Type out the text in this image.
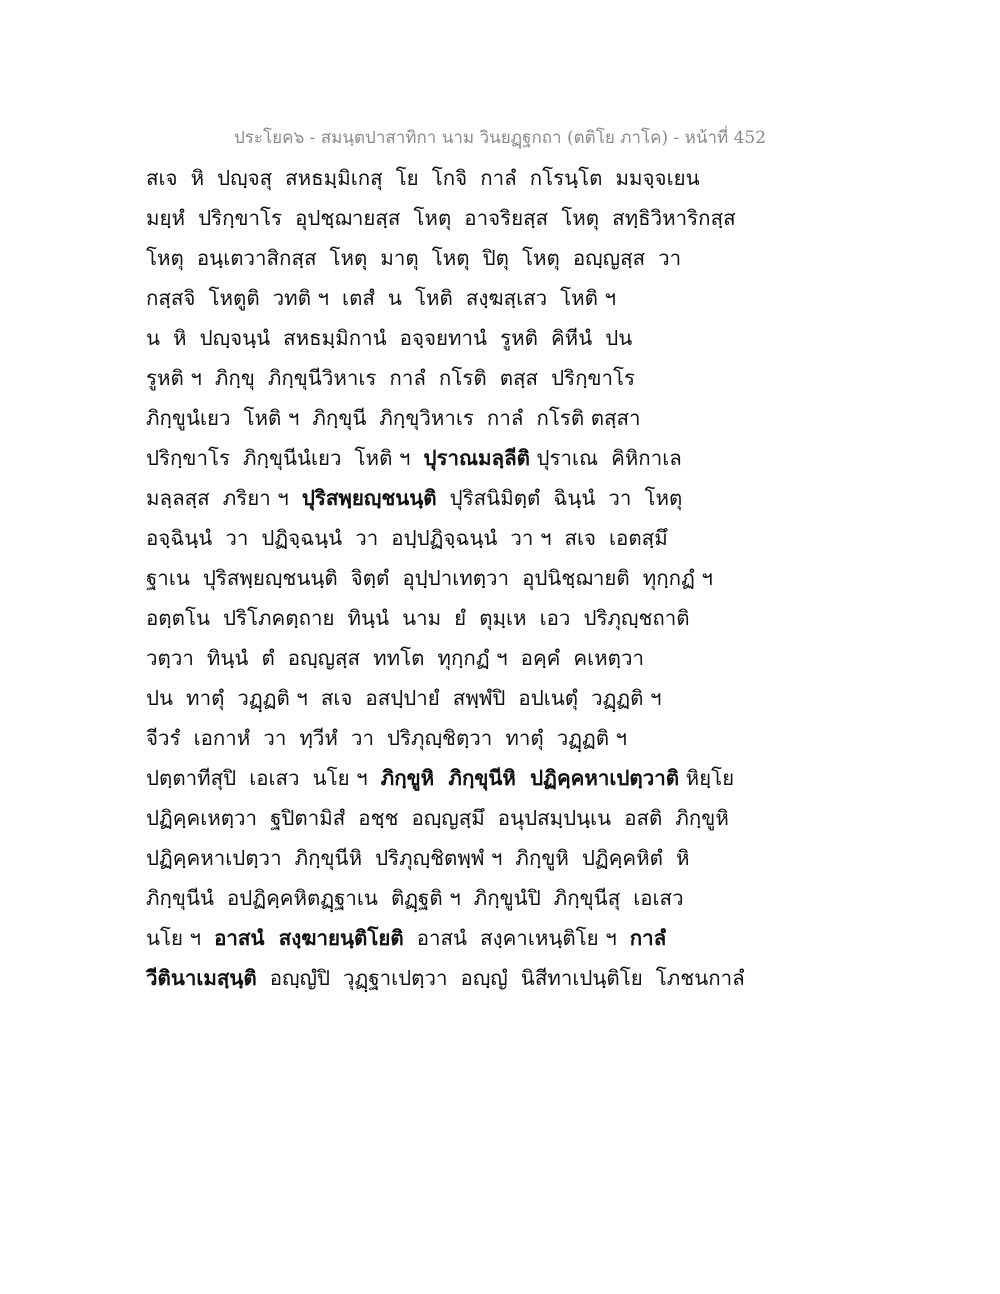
ประโยค๖ - สมนฺตปาสาทิกา นาม วินยฏฺฐกถา (ตติโย ภาโค) - หน้าที่ 452
สเจ  หิ  ปญฺจสุ  สหธมฺมิเกสุ  โย  โกจิ  กาลํ  กโรนฺโต  มมจฺจเยน
มยฺหํ  ปริกฺขาโร  อุปชฺฌายสฺส  โหตุ  อาจริยสฺส  โหตุ  สทฺธิวิหาริกสฺส
โหตุ  อนฺเตวาสิกสฺส  โหตุ  มาตุ  โหตุ  ปิตุ  โหตุ  อญฺญสฺส  วา
กสฺสจิ  โหตูติ  วทติ ฯ  เตสํ  น  โหติ  สงฺฆสฺเสว  โหติ ฯ
น  หิ  ปญฺจนฺนํ  สหธมฺมิกานํ  อจฺจยทานํ  รูหติ  คิหีนํ  ปน
รูหติ ฯ  ภิกฺขุ  ภิกฺขุนีวิหาเร  กาลํ  กโรติ  ตสฺส  ปริกฺขาโร
ภิกฺขูนํเยว  โหติ ฯ  ภิกฺขุนี  ภิกฺขุวิหาเร  กาลํ  กโรติ ตสฺสา
ปริกฺขาโร  ภิกฺขุนีนํเยว  โหติ ฯ  ปุราณมลฺลีติ ปุราเณ  คิหิกาเล
มลฺลสฺส  ภริยา ฯ  ปุริสพฺยญฺชนนฺติ  ปุริสนิมิตฺตํ  ฉินฺนํ  วา  โหตุ
อจฺฉินฺนํ  วา  ปฏิจฺฉนฺนํ  วา  อปฺปฏิจฺฉนฺนํ  วา ฯ  สเจ  เอตสฺมึ
ฐาเน  ปุริสพฺยญฺชนนฺติ  จิตฺตํ  อุปฺปาเทตฺวา  อุปนิชฺฌายติ  ทุกฺกฏํ ฯ
อตฺตโน  ปริโภคตฺถาย  ทินฺนํ  นาม  ยํ  ตุมฺเห  เอว  ปริภุญฺชถาติ
วตฺวา  ทินฺนํ  ตํ  อญฺญสฺส  ททโต  ทุกฺกฏํ ฯ  อคฺคํ  คเหตฺวา
ปน  ทาตุํ  วฏฺฏติ ฯ  สเจ  อสปฺปายํ  สพฺพํปิ  อปเนตุํ  วฏฺฏติ ฯ
จีวรํ  เอกาหํ  วา  ทฺวีหํ  วา  ปริภุญฺชิตฺวา  ทาตุํ  วฏฺฏติ ฯ
ปตฺตาทีสุปิ  เอเสว  นโย ฯ  ภิกฺขูหิ  ภิกฺขุนีหิ  ปฏิคฺคหาเปตฺวาติ หิยฺโย
ปฏิคฺคเหตฺวา  ฐปิตามิสํ  อชฺช  อญฺญสฺมึ  อนุปสมฺปนฺเน  อสติ  ภิกฺขูหิ
ปฏิคฺคหาเปตฺวา  ภิกฺขุนีหิ  ปริภุญฺชิตพฺพํ ฯ  ภิกฺขูหิ  ปฏิคฺคหิตํ  หิ
ภิกฺขุนีนํ  อปฏิคฺคหิตฏฺฐาเน  ติฏฺฐติ ฯ  ภิกฺขูนํปิ  ภิกฺขุนีสุ  เอเสว
นโย ฯ  อาสนํ  สงฺฆายนฺติโยติ  อาสนํ  สงฺคาเหนฺติโย ฯ  กาลํ
วีตินาเมสฺนฺติ  อญฺญํปิ  วุฏฺฐาเปตฺวา  อญฺญํ  นิสีทาเปนฺติโย  โภชนกาลํ
